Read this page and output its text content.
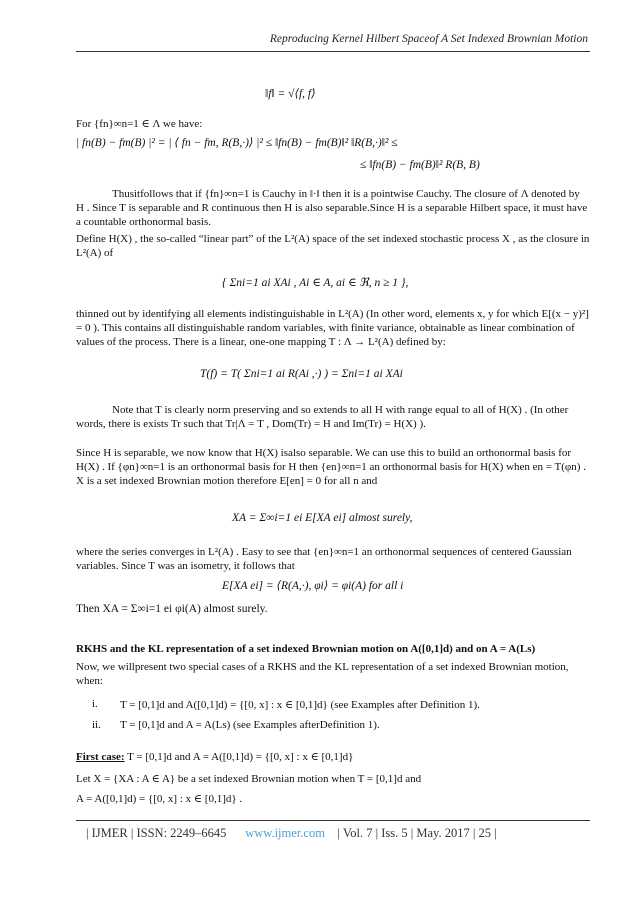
Reproducing Kernel Hilbert Spaceof A Set Indexed Brownian Motion
‖f‖ = √⟨f, f⟩
For {fn}∞n=1 ∈ Λ we have:
| fn(B) − fm(B) |² = | ⟨ fn − fm, R(B,·)⟩ |² ≤ ‖fn(B) − fm(B)‖² ‖R(B,·)‖² ≤
≤ ‖fn(B) − fm(B)‖² R(B, B)
Thusitfollows that if {fn}∞n=1 is Cauchy in ‖·‖ then it is a pointwise Cauchy. The closure of Λ denoted by H . Since T is separable and R continuous then H is also separable.Since H is a separable Hilbert space, it must have a countable orthonormal basis.
Define H(X) , the so-called “linear part” of the L²(A) space of the set indexed stochastic process X , as the closure in L²(A) of
{ Σni=1 ai XAi , Ai ∈ A, ai ∈ ℜ, n ≥ 1 },
thinned out by identifying all elements indistinguishable in L²(A) (In other word, elements x, y for which E[(x − y)²] = 0 ). This contains all distinguishable random variables, with finite variance, obtainable as linear combination of values of the process. There is a linear, one-one mapping T : Λ → L²(A) defined by:
T(f) = T( Σni=1 ai R(Ai ,·) ) = Σni=1 ai XAi
Note that T is clearly norm preserving and so extends to all H with range equal to all of H(X) . (In other words, there is exists Tr such that Tr|Λ = T , Dom(Tr) = H and Im(Tr) = H(X) ).
Since H is separable, we now know that H(X) isalso separable. We can use this to build an orthonormal basis for H(X) . If {φn}∞n=1 is an orthonormal basis for H then {en}∞n=1 an orthonormal basis for H(X) when en = T(φn) . X is a set indexed Brownian motion therefore E[en] = 0 for all n and
XA = Σ∞i=1 ei E[XA ei] almost surely,
where the series converges in L²(A) . Easy to see that {en}∞n=1 an orthonormal sequences of centered Gaussian variables. Since T was an isometry, it follows that
E[XA ei] = ⟨R(A,·), φi⟩ = φi(A) for all i
Then XA = Σ∞i=1 ei φi(A) almost surely.
RKHS and the KL representation of a set indexed Brownian motion on A([0,1]d) and on A = A(Ls)
Now, we willpresent two special cases of a RKHS and the KL representation of a set indexed Brownian motion, when:
i. T = [0,1]d and A([0,1]d) = {[0, x] : x ∈ [0,1]d} (see Examples after Definition 1).
ii. T = [0,1]d and A = A(Ls) (see Examples afterDefinition 1).
First case: T = [0,1]d and A = A([0,1]d) = {[0, x] : x ∈ [0,1]d}
Let X = {XA : A ∈ A} be a set indexed Brownian motion when T = [0,1]d and
A = A([0,1]d) = {[0, x] : x ∈ [0,1]d} .
| IJMER | ISSN: 2249–6645 www.ijmer.com | Vol. 7 | Iss. 5 | May. 2017 | 25 |
